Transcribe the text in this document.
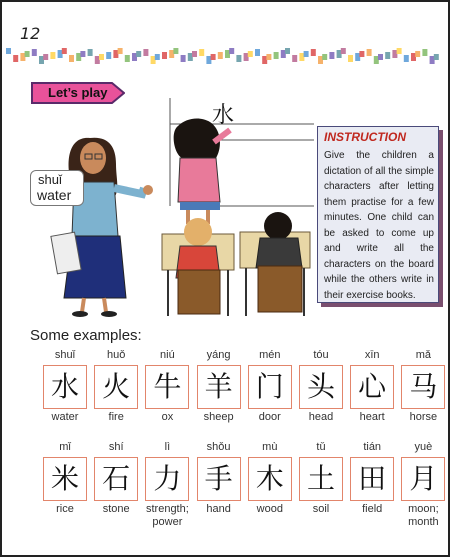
12
Let’s play
水
shuǐ
water
INSTRUCTION

Give the children a dictation of all the simple characters after letting them practise for a few minutes. One child can be asked to come up and write all the characters on the board while the others write in their exercise books.

Some examples:
shuǐ
水
water
huǒ
火
fire
niú
牛
ox
yáng
羊
sheep
mén
门
door
tóu
头
head
xīn
心
heart
mǎ
马
horse
mǐ
米
rice
shí
石
stone
lì
力
strength; power
shǒu
手
hand
mù
木
wood
tǔ
土
soil
tián
田
field
yuè
月
moon; month
